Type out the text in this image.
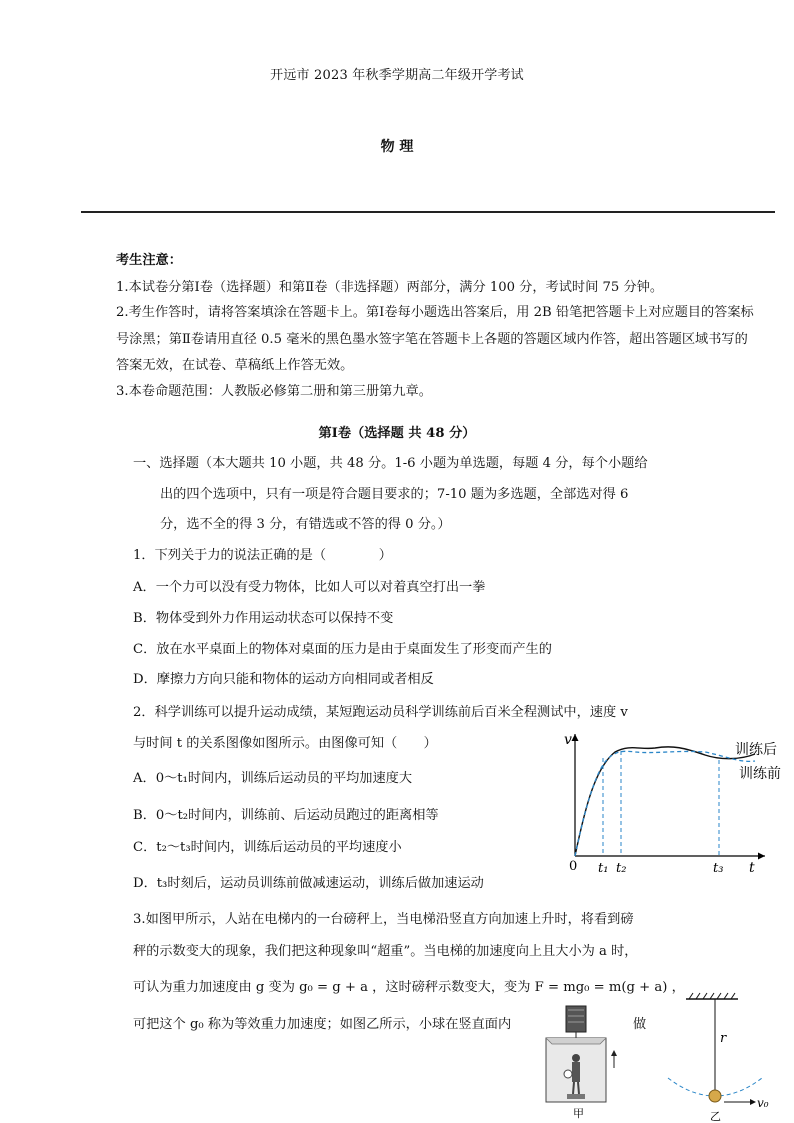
开远市 2023 年秋季学期高二年级开学考试
物 理
考生注意：
1.本试卷分第Ⅰ卷（选择题）和第Ⅱ卷（非选择题）两部分，满分 100 分，考试时间 75 分钟。
2.考生作答时，请将答案填涂在答题卡上。第Ⅰ卷每小题选出答案后，用 2B 铅笔把答题卡上对应题目的答案标
号涂黑；第Ⅱ卷请用直径 0.5 毫米的黑色墨水签字笔在答题卡上各题的答题区域内作答，超出答题区域书写的
答案无效，在试卷、草稿纸上作答无效。
3.本卷命题范围：人教版必修第二册和第三册第九章。
第Ⅰ卷（选择题 共 48 分）
一、选择题（本大题共 10 小题，共 48 分。1-6 小题为单选题，每题 4 分，每个小题给
出的四个选项中，只有一项是符合题目要求的；7-10 题为多选题，全部选对得 6
分，选不全的得 3 分，有错选或不答的得 0 分。）
1．下列关于力的说法正确的是（　　　　）
A．一个力可以没有受力物体，比如人可以对着真空打出一拳
B．物体受到外力作用运动状态可以保持不变
C．放在水平桌面上的物体对桌面的压力是由于桌面发生了形变而产生的
D．摩擦力方向只能和物体的运动方向相同或者相反
2．科学训练可以提升运动成绩，某短跑运动员科学训练前后百米全程测试中，速度 v
与时间 t 的关系图像如图所示。由图像可知（　　）
A．0～t₁时间内，训练后运动员的平均加速度大
B．0～t₂时间内，训练前、后运动员跑过的距离相等
C．t₂～t₃时间内，训练后运动员的平均速度小
D．t₃时刻后，运动员训练前做减速运动，训练后做加速运动
v
t
0 t₁ t₂	t₃
训练后
训练前
3.如图甲所示，人站在电梯内的一台磅秤上，当电梯沿竖直方向加速上升时，将看到磅
秤的示数变大的现象，我们把这种现象叫“超重”。当电梯的加速度向上且大小为 a 时，
可认为重力加速度由 g 变为 g₀ = g + a ，这时磅秤示数变大，变为 F = mg₀ = m(g + a) ，
可把这个 g₀ 称为等效重力加速度；如图乙所示，小球在竖直面内	做
甲
r
v₀
乙
